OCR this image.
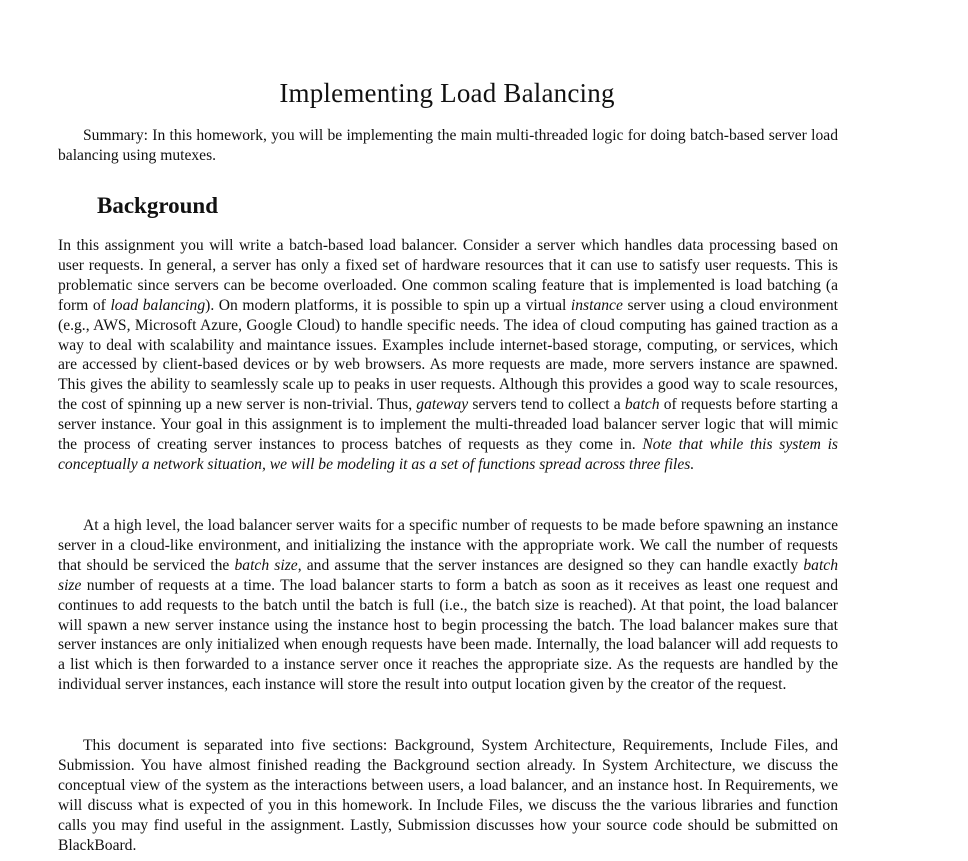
Implementing Load Balancing

Summary: In this homework, you will be implementing the main multi-threaded logic for doing batch-based server load balancing using mutexes.

Background

In this assignment you will write a batch-based load balancer. Consider a server which handles data processing based on user requests. In general, a server has only a fixed set of hardware resources that it can use to satisfy user requests. This is problematic since servers can be become overloaded. One common scaling feature that is implemented is load batching (a form of load balancing). On modern platforms, it is possible to spin up a virtual instance server using a cloud environment (e.g., AWS, Microsoft Azure, Google Cloud) to handle specific needs. The idea of cloud computing has gained traction as a way to deal with scalability and maintance issues. Examples include internet-based storage, computing, or services, which are accessed by client-based devices or by web browsers. As more requests are made, more servers instance are spawned. This gives the ability to seamlessly scale up to peaks in user requests. Although this provides a good way to scale resources, the cost of spinning up a new server is non-trivial. Thus, gateway servers tend to collect a batch of requests before starting a server instance. Your goal in this assignment is to implement the multi-threaded load balancer server logic that will mimic the process of creating server instances to process batches of requests as they come in. Note that while this system is conceptually a network situation, we will be modeling it as a set of functions spread across three files.

At a high level, the load balancer server waits for a specific number of requests to be made before spawning an instance server in a cloud-like environment, and initializing the instance with the appropriate work. We call the number of requests that should be serviced the batch size, and assume that the server instances are designed so they can handle exactly batch size number of requests at a time. The load balancer starts to form a batch as soon as it receives as least one request and continues to add requests to the batch until the batch is full (i.e., the batch size is reached). At that point, the load balancer will spawn a new server instance using the instance host to begin processing the batch. The load balancer makes sure that server instances are only initialized when enough requests have been made. Internally, the load balancer will add requests to a list which is then forwarded to a instance server once it reaches the appropriate size. As the requests are handled by the individual server instances, each instance will store the result into output location given by the creator of the request.

This document is separated into five sections: Background, System Architecture, Requirements, Include Files, and Submission. You have almost finished reading the Background section already. In System Architecture, we discuss the conceptual view of the system as the interactions between users, a load balancer, and an instance host. In Requirements, we will discuss what is expected of you in this homework. In Include Files, we discuss the the various libraries and function calls you may find useful in the assignment. Lastly, Submission discusses how your source code should be submitted on BlackBoard.
